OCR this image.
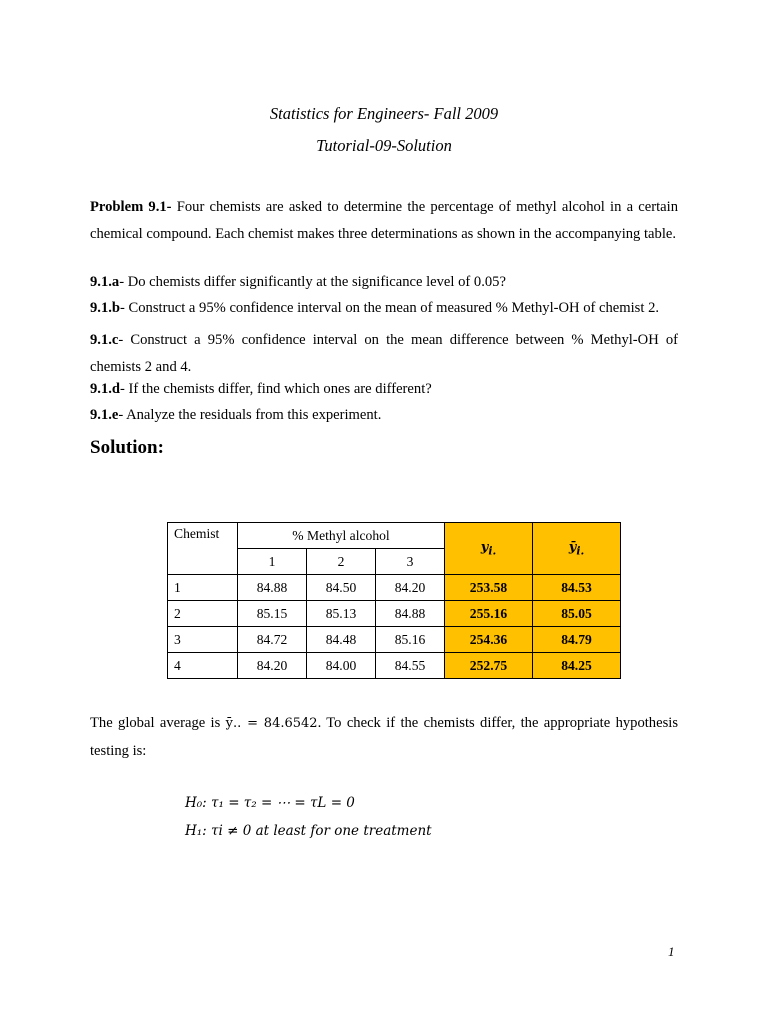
Statistics for Engineers- Fall 2009
Tutorial-09-Solution
Problem 9.1- Four chemists are asked to determine the percentage of methyl alcohol in a certain chemical compound. Each chemist makes three determinations as shown in the accompanying table.
9.1.a- Do chemists differ significantly at the significance level of 0.05?
9.1.b- Construct a 95% confidence interval on the mean of measured % Methyl-OH of chemist 2.
9.1.c- Construct a 95% confidence interval on the mean difference between % Methyl-OH of chemists 2 and 4.
9.1.d- If the chemists differ, find which ones are different?
9.1.e- Analyze the residuals from this experiment.
Solution:
Chemist	% Methyl alcohol			$y_{i.}$	$ȳ_{i.}$
	1	2	3		
1	84.88	84.50	84.20	253.58	84.53
2	85.15	85.13	84.88	255.16	85.05
3	84.72	84.48	85.16	254.36	84.79
4	84.20	84.00	84.55	252.75	84.25
The global average is ȳ.. = 84.6542. To check if the chemists differ, the appropriate hypothesis testing is:
H₀: τ₁ = τ₂ = ⋯ = τL = 0
H₁: τi ≠ 0 at least for one treatment
1
